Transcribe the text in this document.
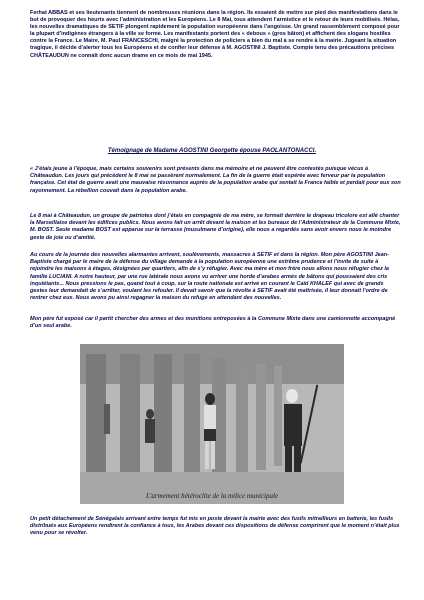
Ferhat ABBAS et ses lieutenants tiennent de nombreuses réunions dans la région. Ils essaient de mettre sur pied des manifestations dans le but de provoquer des heurts avec l’administration et les Européens. Le 8 Mai, tous attendent l’armistice et le retour de leurs mobilisés. Hélas, les nouvelles dramatiques de SETIF plongent rapidement la population européenne dans l’angoisse. Un grand rassemblement composé pour la plupart d’indigènes étrangers à la ville se forme. Les manifestants portent des « debous » (gros bâton) et affichent des slogans hostiles contre la France. Le Maire, M. Paul FRANCESCHI, malgré la protection de policiers a bien du mal à se rendre à la mairie. Jugeant la situation tragique, il décide d’alerter tous les Européens et de confier leur défense à M. AGOSTINI J. Baptiste. Compte tenu des précautions précises CHÂTEAUDUN ne connaît donc aucun drame en ce mois de mai 1945.

Témoignage de Madame AGOSTINI Georgette épouse PAOLANTONACCI.

« J’étais jeune à l’époque, mais certains souvenirs sont présents dans ma mémoire et ne peuvent être contestés puisque vécus à Châteaudun. Les jours qui précèdent le 8 mai se passèrent normalement. La fin de la guerre était espérée avec ferveur par la population française. Cet état de guerre avait une mauvaise résonnance auprès de la population arabe qui sentait la France faible et perdait pour eux son rayonnement. La rébellion couvait dans la population arabe.

Le 8 mai à Châteaudun, un groupe de patriotes dont j’étais en compagnie de ma mère, se formait derrière le drapeau tricolore est allé chanter la Marseillaise devant les édifices publics. Nous avons fait un arrêt devant la maison et les bureaux de l’Administrateur de la Commune Mixte, M. BOST. Seule madame BOST est apparue sur la terrasse (musulmane d’origine), elle nous a regardés sans avoir envers nous le moindre geste de joie ou d’amitié.

Au cours de la journée des nouvelles alarmantes arrivent, soulèvements, massacres à SETIF et dans la région. Mon père AGOSTINI Jean-Baptiste chargé par le maire de la défense du village demande à la population européenne une extrême prudence et l’invite de suite à rejoindre les maisons à étages, désignées par quartiers, afin de s’y réfugier. Avec ma mère et mon frère nous allons nous réfugier chez la famille LUCIANI. A notre hauteur, par une rue latérale nous avons vu arriver une horde d’arabes armés de bâtons qui poussaient des cris inquiétants... Nous pressions le pas, quand tout à coup, sur la route nationale est arrivé en courant le Caïd KHALEF qui avec de grands gestes leur demandait de s’arrêter, voulant les refouler. Il devait savoir que la révolte à SETIF avait été maîtrisée, il leur donnait l’ordre de rentrer chez eux. Nous avons pu ainsi regagner la maison du refuge en attendant des nouvelles.

Mon père fut exposé car il partit chercher des armes et des munitions entreposées à la Commune Mixte dans une camionnette accompagné d’un seul arabe.

L'armement hétéroclite de la milice municipale

Un petit détachement de Sénégalais arrivant entre temps fut mis en poste devant la mairie avec des fusils mitrailleurs en batterie, les fusils distribués aux Européens rendirent la confiance à tous, les Arabes devant ces dispositions de défense comprirent que le moment n’était plus venu pour se révolter.
